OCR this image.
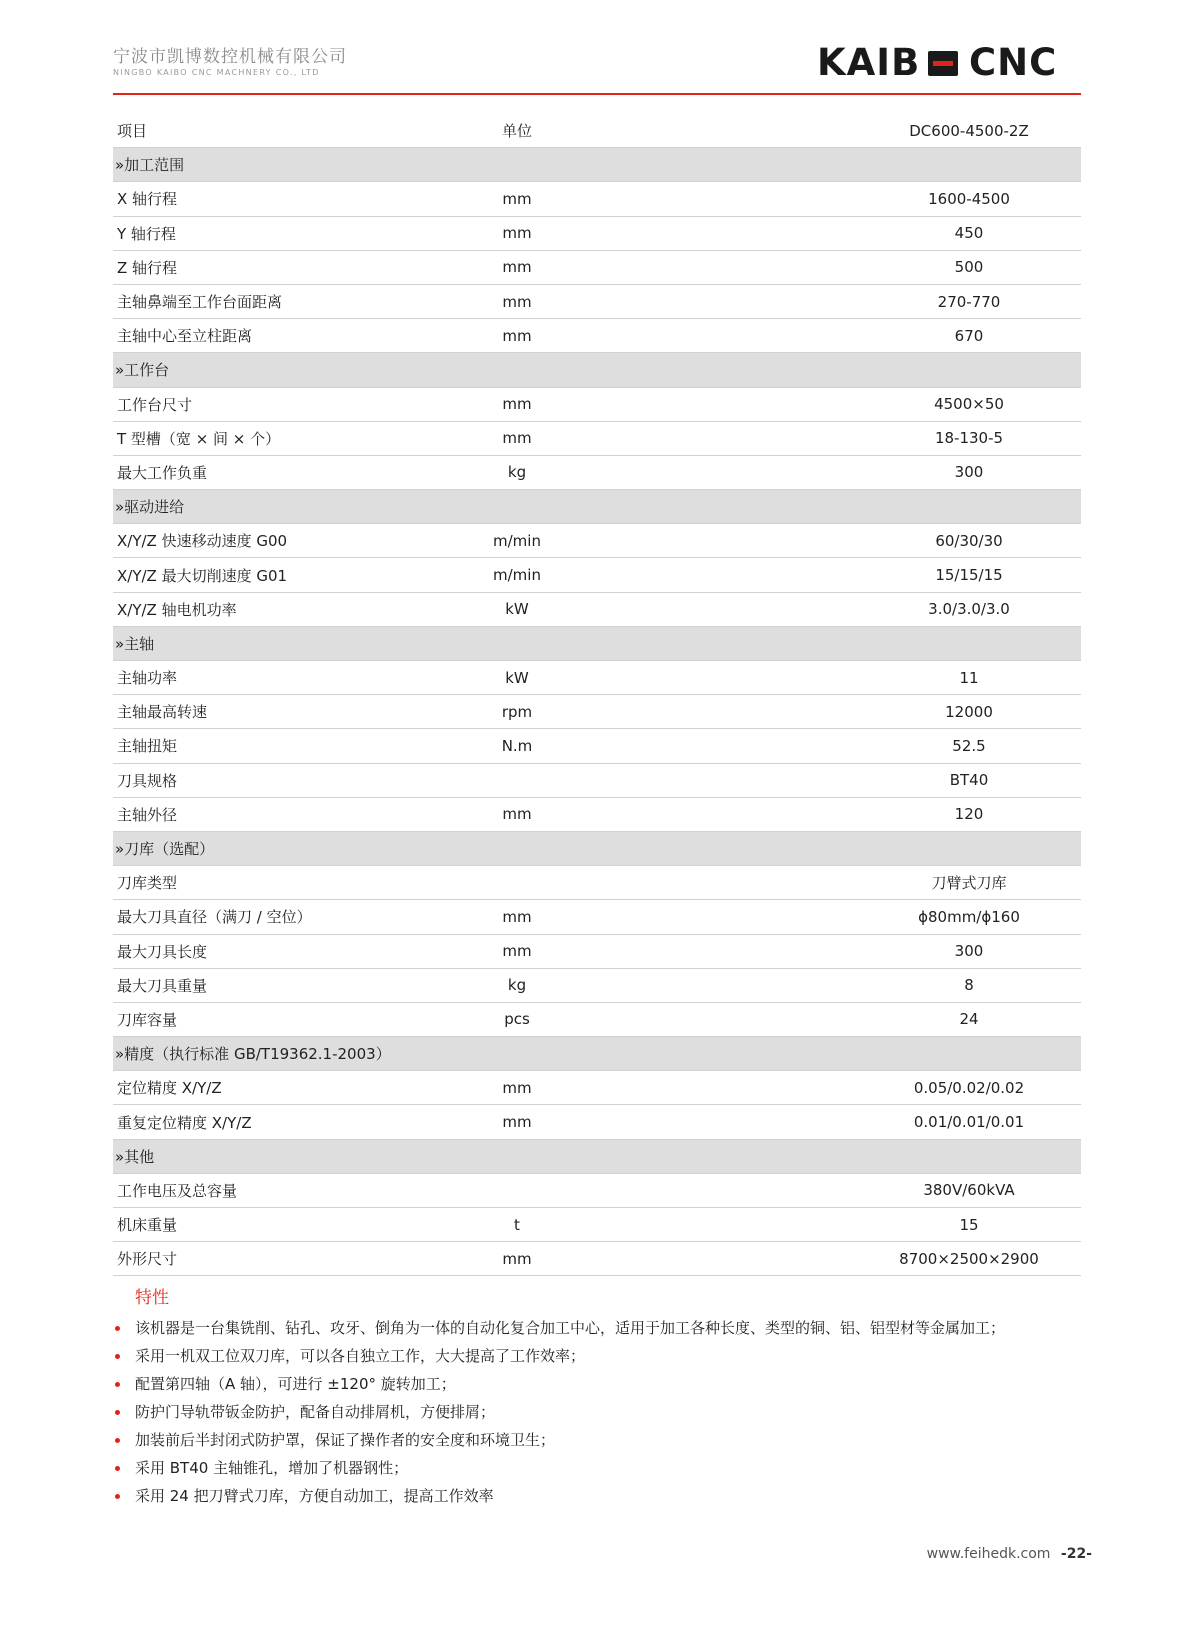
宁波市凯博数控机械有限公司
NINGBO KAIBO CNC MACHNERY CO., LTD	KAIB CNC
项目	单位	DC600-4500-2Z
»加工范围		
X 轴行程	mm	1600-4500
Y 轴行程	mm	450
Z 轴行程	mm	500
主轴鼻端至工作台面距离	mm	270-770
主轴中心至立柱距离	mm	670
»工作台		
工作台尺寸	mm	4500×50
T 型槽（宽 × 间 × 个）	mm	18-130-5
最大工作负重	kg	300
»驱动进给		
X/Y/Z 快速移动速度 G00	m/min	60/30/30
X/Y/Z 最大切削速度 G01	m/min	15/15/15
X/Y/Z 轴电机功率	kW	3.0/3.0/3.0
»主轴		
主轴功率	kW	11
主轴最高转速	rpm	12000
主轴扭矩	N.m	52.5
刀具规格		BT40
主轴外径	mm	120
»刀库（选配）		
刀库类型		刀臂式刀库
最大刀具直径（满刀 / 空位）	mm	ϕ80mm/ϕ160
最大刀具长度	mm	300
最大刀具重量	kg	8
刀库容量	pcs	24
»精度（执行标准 GB/T19362.1-2003）		
定位精度 X/Y/Z	mm	0.05/0.02/0.02
重复定位精度 X/Y/Z	mm	0.01/0.01/0.01
»其他		
工作电压及总容量		380V/60kVA
机床重量	t	15
外形尺寸	mm	8700×2500×2900
特性
该机器是一台集铣削、钻孔、攻牙、倒角为一体的自动化复合加工中心，适用于加工各种长度、类型的铜、铝、铝型材等金属加工；
采用一机双工位双刀库，可以各自独立工作，大大提高了工作效率；
配置第四轴（A 轴），可进行 ±120° 旋转加工；
防护门导轨带钣金防护，配备自动排屑机，方便排屑；
加装前后半封闭式防护罩，保证了操作者的安全度和环境卫生；
采用 BT40 主轴锥孔，增加了机器钢性；
采用 24 把刀臂式刀库，方便自动加工，提高工作效率
www.feihedk.com -22-
